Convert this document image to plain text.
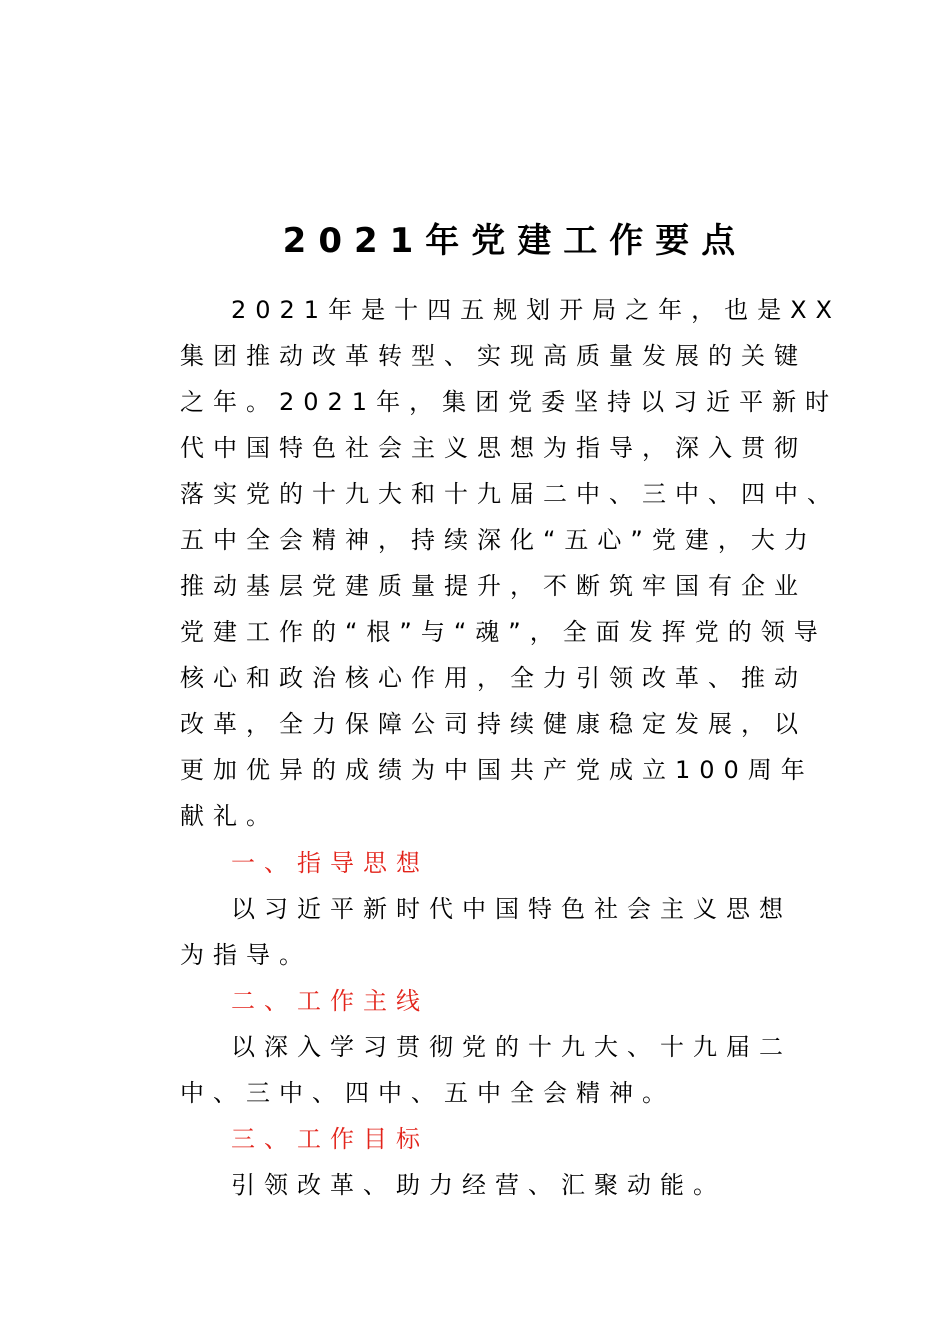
2021年党建工作要点
2021年是十四五规划开局之年，也是XX
集团推动改革转型、实现高质量发展的关键
之年。2021年，集团党委坚持以习近平新时
代中国特色社会主义思想为指导，深入贯彻
落实党的十九大和十九届二中、三中、四中、
五中全会精神，持续深化“五心”党建，大力
推动基层党建质量提升，不断筑牢国有企业
党建工作的“根”与“魂”，全面发挥党的领导
核心和政治核心作用，全力引领改革、推动
改革，全力保障公司持续健康稳定发展，以
更加优异的成绩为中国共产党成立100周年
献礼。
一、指导思想
以习近平新时代中国特色社会主义思想
为指导。
二、工作主线
以深入学习贯彻党的十九大、十九届二
中、三中、四中、五中全会精神。
三、工作目标
引领改革、助力经营、汇聚动能。
